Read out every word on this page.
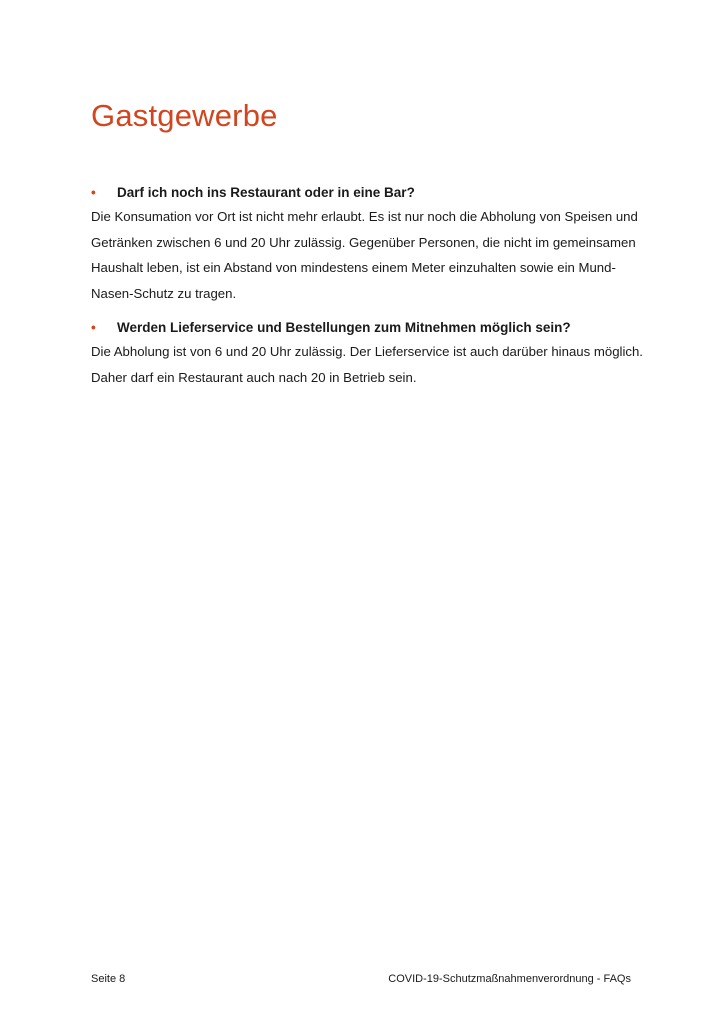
Gastgewerbe
•	Darf ich noch ins Restaurant oder in eine Bar?

Die Konsumation vor Ort ist nicht mehr erlaubt. Es ist nur noch die Abholung von Speisen und Getränken zwischen 6 und 20 Uhr zulässig. Gegenüber Personen, die nicht im gemeinsamen Haushalt leben, ist ein Abstand von mindestens einem Meter einzuhalten sowie ein Mund-Nasen-Schutz zu tragen.

•	Werden Lieferservice und Bestellungen zum Mitnehmen möglich sein?

Die Abholung ist von 6 und 20 Uhr zulässig. Der Lieferservice ist auch darüber hinaus möglich. Daher darf ein Restaurant auch nach 20 in Betrieb sein.

Seite 8	COVID-19-Schutzmaßnahmenverordnung - FAQs
